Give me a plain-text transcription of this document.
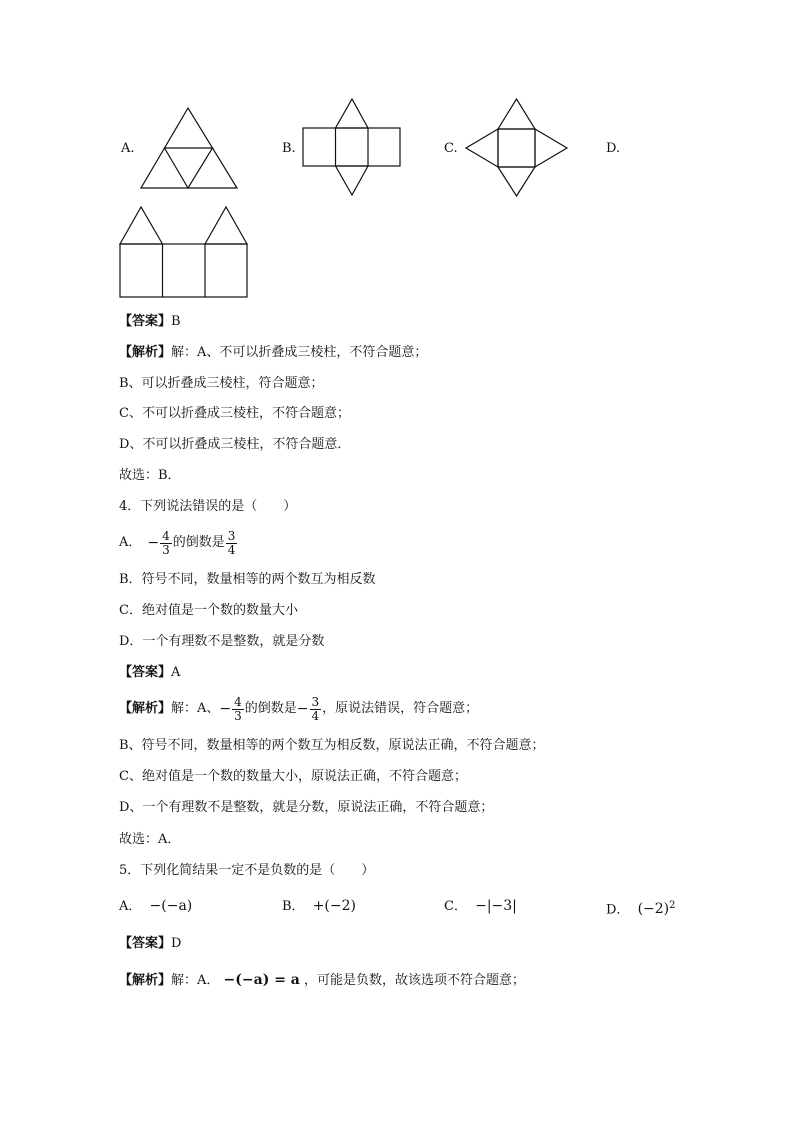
A.	B.	C.	D.
【答案】B
【解析】解：A、不可以折叠成三棱柱，不符合题意；
B、可以折叠成三棱柱，符合题意；
C、不可以折叠成三棱柱，不符合题意；
D、不可以折叠成三棱柱，不符合题意．
故选：B．
4．下列说法错误的是（　　）
A． − $\frac{4}{3}$ 的倒数是 $\frac{3}{4}$
B．符号不同，数量相等的两个数互为相反数
C．绝对值是一个数的数量大小
D．一个有理数不是整数，就是分数
【答案】A
【解析】 解：A、 − $\frac{4}{3}$ 的倒数是 − $\frac{3}{4}$ ，原说法错误，符合题意；
B、符号不同，数量相等的两个数互为相反数，原说法正确，不符合题意；
C、绝对值是一个数的数量大小，原说法正确，不符合题意；
D、一个有理数不是整数，就是分数，原说法正确，不符合题意；
故选：A．
5．下列化简结果一定不是负数的是（　　）
A． −(−a)	B． +(−2)	C． −|−3|	D． $(-2)^2$
【答案】D
【解析】解：A． −(−a) = a ，可能是负数，故该选项不符合题意；
